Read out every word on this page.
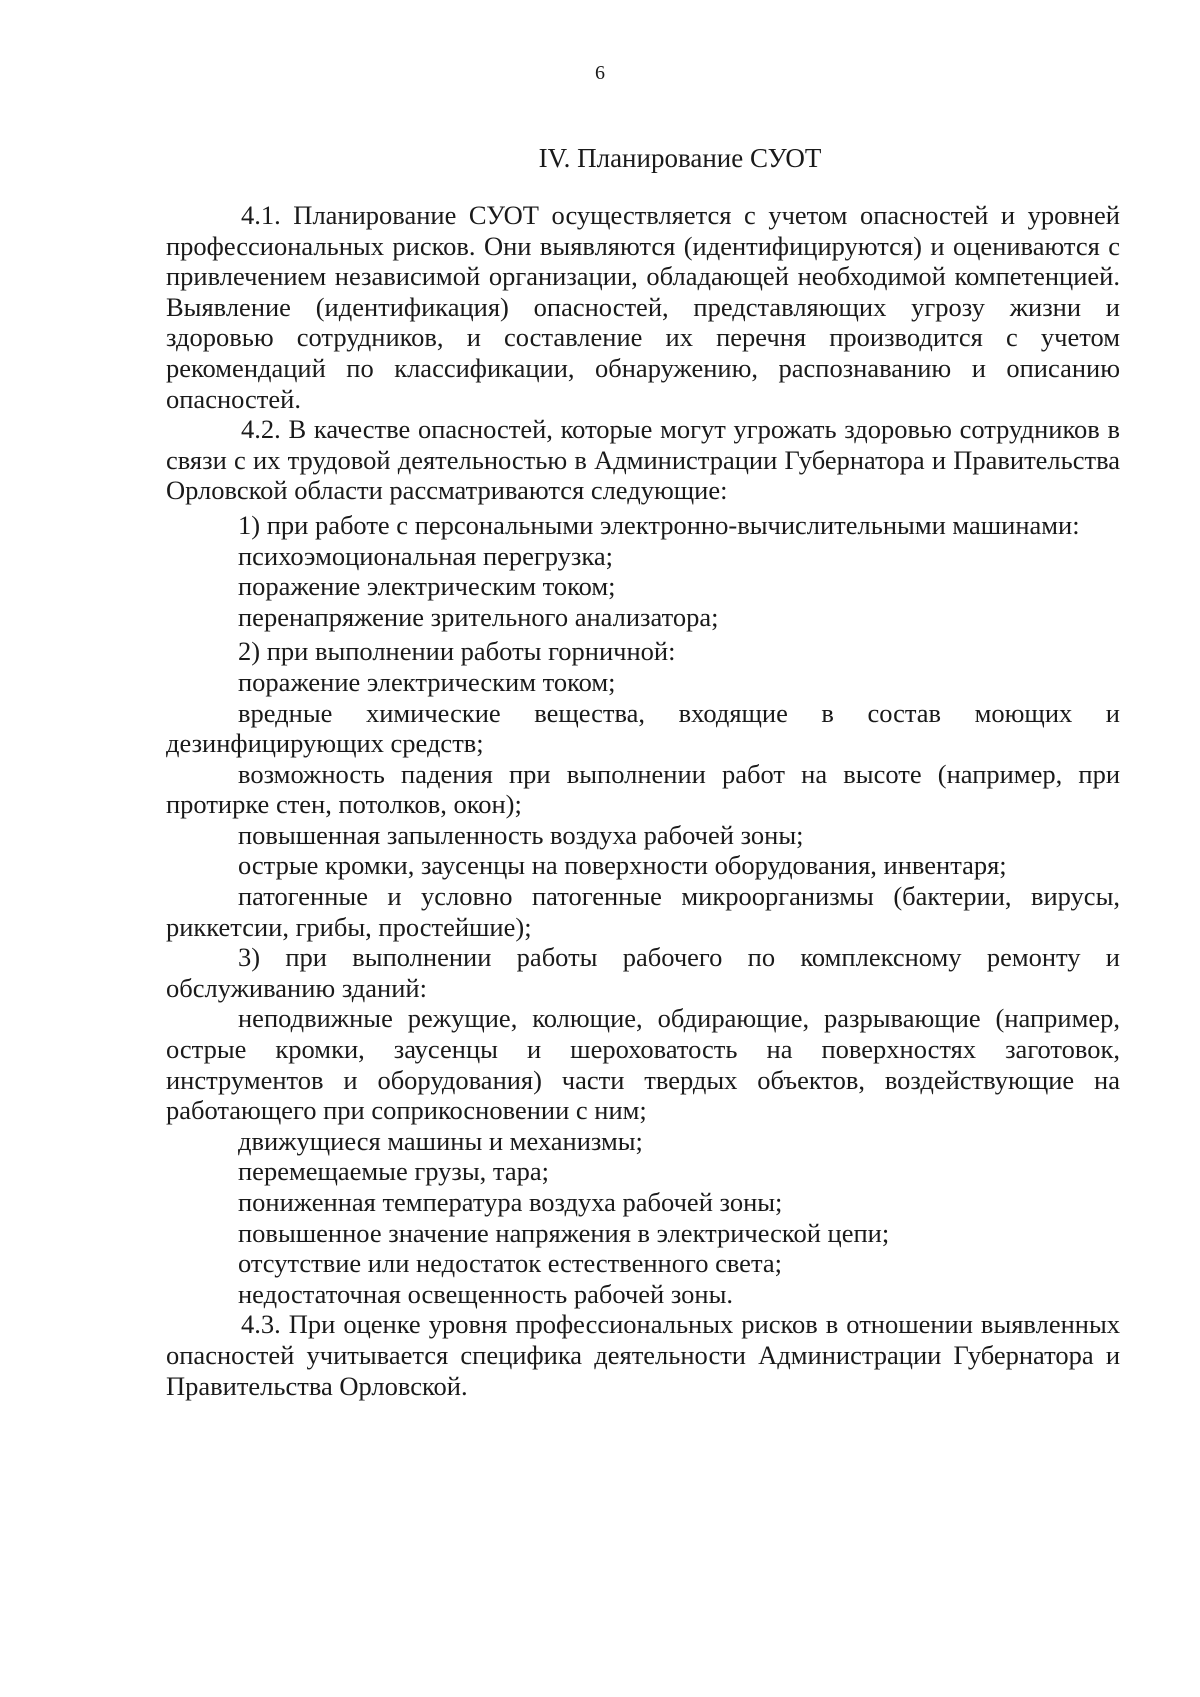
6
IV. Планирование СУОТ

4.1. Планирование СУОТ осуществляется с учетом опасностей и уровней профессиональных рисков. Они выявляются (идентифицируются) и оцениваются с привлечением независимой организации, обладающей необходимой компетенцией. Выявление (идентификация) опасностей, представляющих угрозу жизни и здоровью сотрудников, и составление их перечня производится с учетом рекомендаций по классификации, обнаружению, распознаванию и описанию опасностей.

4.2. В качестве опасностей, которые могут угрожать здоровью сотрудников в связи с их трудовой деятельностью в Администрации Губернатора и Правительства Орловской области рассматриваются следующие:

1) при работе с персональными электронно-вычислительными машинами:

психоэмоциональная перегрузка;

поражение электрическим током;

перенапряжение зрительного анализатора;

2) при выполнении работы горничной:

поражение электрическим током;

вредные химические вещества, входящие в состав моющих и дезинфицирующих средств;

возможность падения при выполнении работ на высоте (например, при протирке стен, потолков, окон);

повышенная запыленность воздуха рабочей зоны;

острые кромки, заусенцы на поверхности оборудования, инвентаря;

патогенные и условно патогенные микроорганизмы (бактерии, вирусы, риккетсии, грибы, простейшие);

3) при выполнении работы рабочего по комплексному ремонту и обслуживанию зданий:

неподвижные режущие, колющие, обдирающие, разрывающие (например, острые кромки, заусенцы и шероховатость на поверхностях заготовок, инструментов и оборудования) части твердых объектов, воздействующие на работающего при соприкосновении с ним;

движущиеся машины и механизмы;

перемещаемые грузы, тара;

пониженная температура воздуха рабочей зоны;

повышенное значение напряжения в электрической цепи;

отсутствие или недостаток естественного света;

недостаточная освещенность рабочей зоны.

4.3. При оценке уровня профессиональных рисков в отношении выявленных опасностей учитывается специфика деятельности Администрации Губернатора и Правительства Орловской.
